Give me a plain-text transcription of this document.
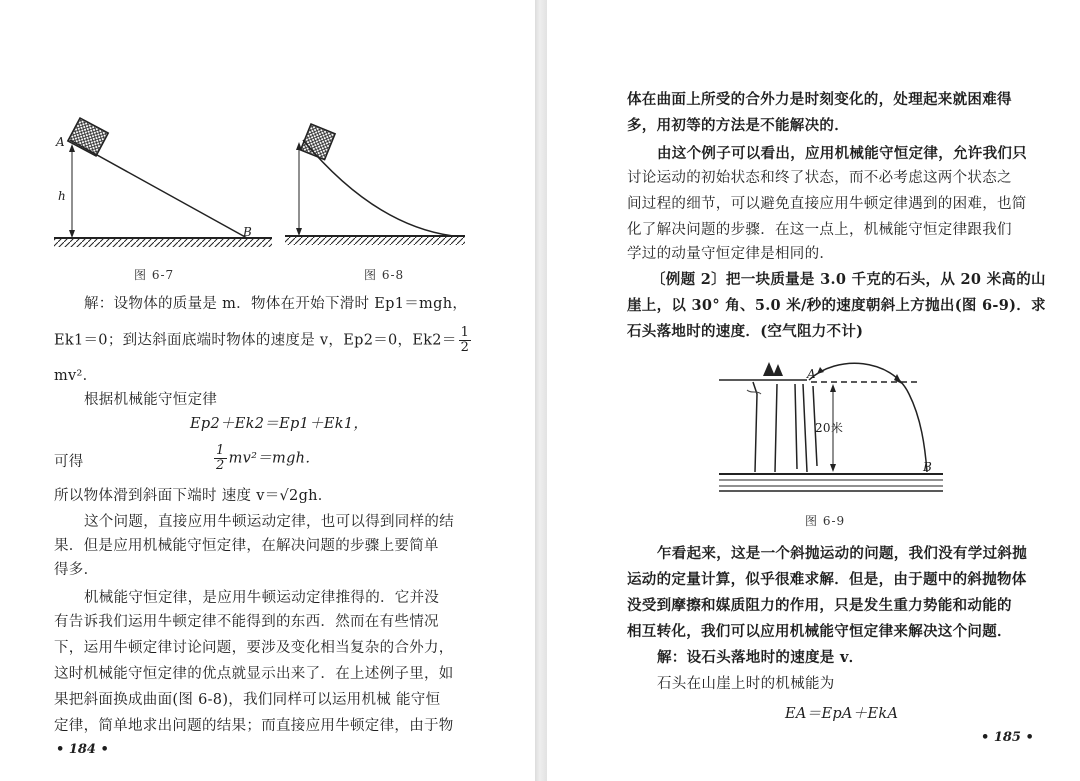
A
h
B
图 6-7	图 6-8
解：设物体的质量是 m．物体在开始下滑时 Ep1＝mgh，
Ek1＝0；到达斜面底端时物体的速度是 v，Ep2＝0，$Ek2= \frac{1}{2}$
mv²．
根据机械能守恒定律
Ep2＋Ek2＝Ep1＋Ek1，
可得	$\frac{1}{2} mv^2=mgh$．
所以物体滑到斜面下端时 速度 v＝√2gh．
这个问题，直接应用牛顿运动定律，也可以得到同样的结
果．但是应用机械能守恒定律，在解决问题的步骤上要简单
得多．
机械能守恒定律，是应用牛顿运动定律推得的．它并没
有告诉我们运用牛顿定律不能得到的东西．然而在有些情况
下，运用牛顿定律讨论问题，要涉及变化相当复杂的合外力，
这时机械能守恒定律的优点就显示出来了．在上述例子里，如
果把斜面换成曲面(图 6-8)，我们同样可以运用机械 能守恒
定律，简单地求出问题的结果；而直接应用牛顿定律，由于物
• 184 •
体在曲面上所受的合外力是时刻变化的，处理起来就困难得
多，用初等的方法是不能解决的．
由这个例子可以看出，应用机械能守恒定律，允许我们只
讨论运动的初始状态和终了状态，而不必考虑这两个状态之
间过程的细节，可以避免直接应用牛顿定律遇到的困难，也简
化了解决问题的步骤．在这一点上，机械能守恒定律跟我们
学过的动量守恒定律是相同的．
〔例题 2〕把一块质量是 3.0 千克的石头，从 20 米高的山
崖上，以 30° 角、5.0 米/秒的速度朝斜上方抛出(图 6-9)．求
石头落地时的速度．(空气阻力不计)
A
20米
B
图 6-9
乍看起来，这是一个斜抛运动的问题，我们没有学过斜抛
运动的定量计算，似乎很难求解．但是，由于题中的斜抛物体
没受到摩擦和媒质阻力的作用，只是发生重力势能和动能的
相互转化，我们可以应用机械能守恒定律来解决这个问题．
解：设石头落地时的速度是 v．
石头在山崖上时的机械能为
EA＝EpA＋EkA
• 185 •
